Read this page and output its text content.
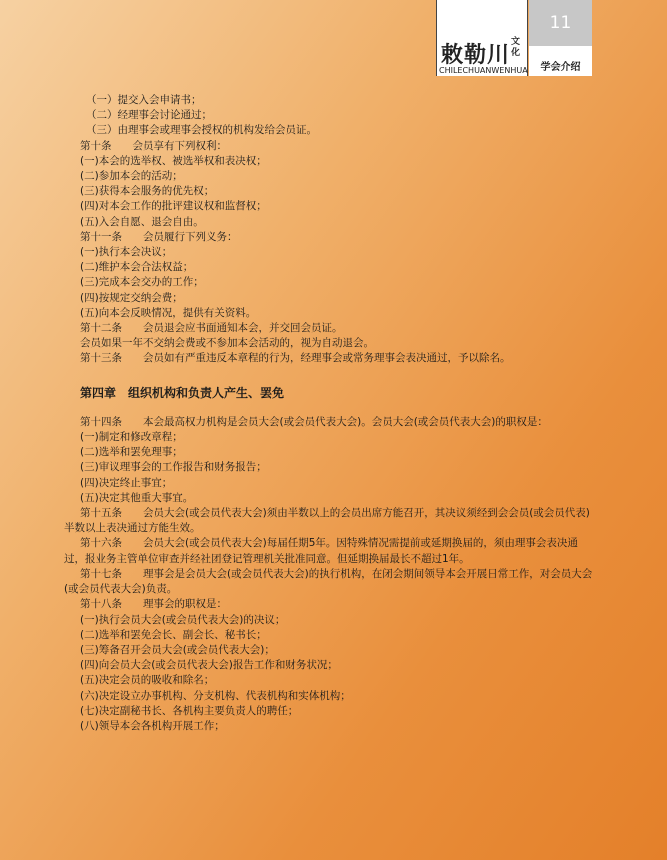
敕勒川 文化
CHILECHUANWENHUA
11
学会介绍
（一）提交入会申请书；
（二）经理事会讨论通过；
（三）由理事会或理事会授权的机构发给会员证。
第十条　　会员享有下列权利：
(一)本会的选举权、被选举权和表决权；
(二)参加本会的活动；
(三)获得本会服务的优先权；
(四)对本会工作的批评建议权和监督权；
(五)入会自愿、退会自由。
第十一条　　会员履行下列义务：
(一)执行本会决议；
(二)维护本会合法权益；
(三)完成本会交办的工作；
(四)按规定交纳会费；
(五)向本会反映情况，提供有关资料。
第十二条　　会员退会应书面通知本会，并交回会员证。
会员如果一年不交纳会费或不参加本会活动的，视为自动退会。
第十三条　　会员如有严重违反本章程的行为，经理事会或常务理事会表决通过，予以除名。
第四章　组织机构和负责人产生、罢免
第十四条　　本会最高权力机构是会员大会(或会员代表大会)。会员大会(或会员代表大会)的职权是：
(一)制定和修改章程；
(二)选举和罢免理事；
(三)审议理事会的工作报告和财务报告；
(四)决定终止事宜；
(五)决定其他重大事宜。
第十五条　　会员大会(或会员代表大会)须由半数以上的会员出席方能召开，其决议须经到会会员(或会员代表)
半数以上表决通过方能生效。
第十六条　　会员大会(或会员代表大会)每届任期5年。因特殊情况需提前或延期换届的，须由理事会表决通
过，报业务主管单位审查并经社团登记管理机关批准同意。但延期换届最长不超过1年。
第十七条　　理事会是会员大会(或会员代表大会)的执行机构，在闭会期间领导本会开展日常工作，对会员大会
(或会员代表大会)负责。
第十八条　　理事会的职权是：
(一)执行会员大会(或会员代表大会)的决议；
(二)选举和罢免会长、副会长、秘书长；
(三)筹备召开会员大会(或会员代表大会)；
(四)向会员大会(或会员代表大会)报告工作和财务状况；
(五)决定会员的吸收和除名；
(六)决定设立办事机构、分支机构、代表机构和实体机构；
(七)决定副秘书长、各机构主要负责人的聘任；
(八)领导本会各机构开展工作；
